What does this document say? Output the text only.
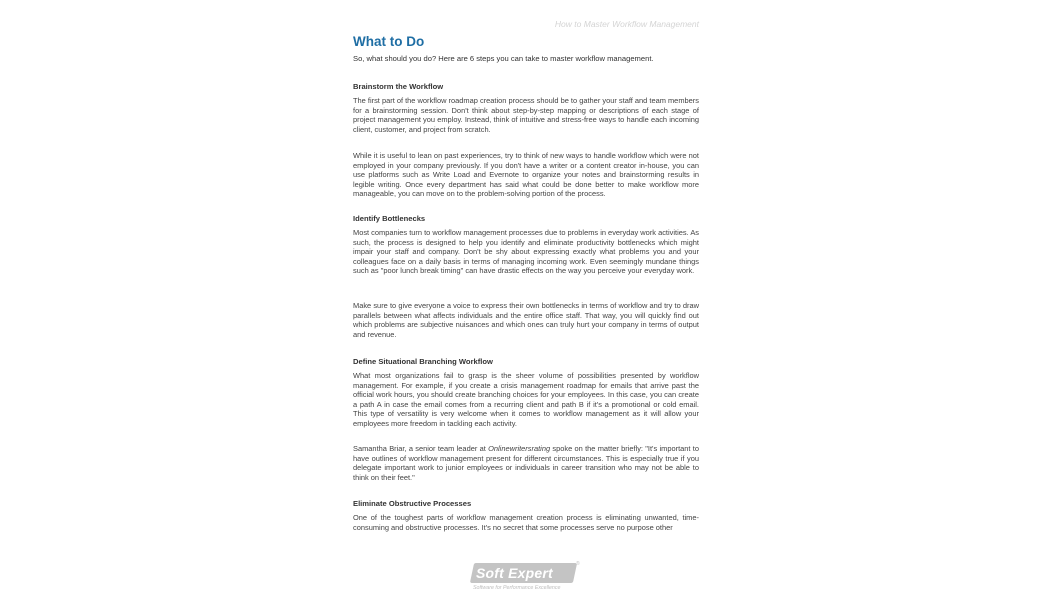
How to Master Workflow Management
What to Do

So, what should you do? Here are 6 steps you can take to master workflow management.

Brainstorm the Workflow

The first part of the workflow roadmap creation process should be to gather your staff and team members for a brainstorming session. Don't think about step-by-step mapping or descriptions of each stage of project management you employ. Instead, think of intuitive and stress-free ways to handle each incoming client, customer, and project from scratch.

While it is useful to lean on past experiences, try to think of new ways to handle workflow which were not employed in your company previously. If you don't have a writer or a content creator in-house, you can use platforms such as Write Load and Evernote to organize your notes and brainstorming results in legible writing. Once every department has said what could be done better to make workflow more manageable, you can move on to the problem-solving portion of the process.

Identify Bottlenecks

Most companies turn to workflow management processes due to problems in everyday work activities. As such, the process is designed to help you identify and eliminate productivity bottlenecks which might impair your staff and company. Don't be shy about expressing exactly what problems you and your colleagues face on a daily basis in terms of managing incoming work. Even seemingly mundane things such as "poor lunch break timing" can have drastic effects on the way you perceive your everyday work.

Make sure to give everyone a voice to express their own bottlenecks in terms of workflow and try to draw parallels between what affects individuals and the entire office staff. That way, you will quickly find out which problems are subjective nuisances and which ones can truly hurt your company in terms of output and revenue.

Define Situational Branching Workflow

What most organizations fail to grasp is the sheer volume of possibilities presented by workflow management. For example, if you create a crisis management roadmap for emails that arrive past the official work hours, you should create branching choices for your employees. In this case, you can create a path A in case the email comes from a recurring client and path B if it's a promotional or cold email. This type of versatility is very welcome when it comes to workflow management as it will allow your employees more freedom in tackling each activity.

Samantha Briar, a senior team leader at Onlinewritersrating spoke on the matter briefly: "It's important to have outlines of workflow management present for different circumstances. This is especially true if you delegate important work to junior employees or individuals in career transition who may not be able to think on their feet."

Eliminate Obstructive Processes

One of the toughest parts of workflow management creation process is eliminating unwanted, time-consuming and obstructive processes. It's no secret that some processes serve no purpose other

Soft Expert
®
Software for Performance Excellence
